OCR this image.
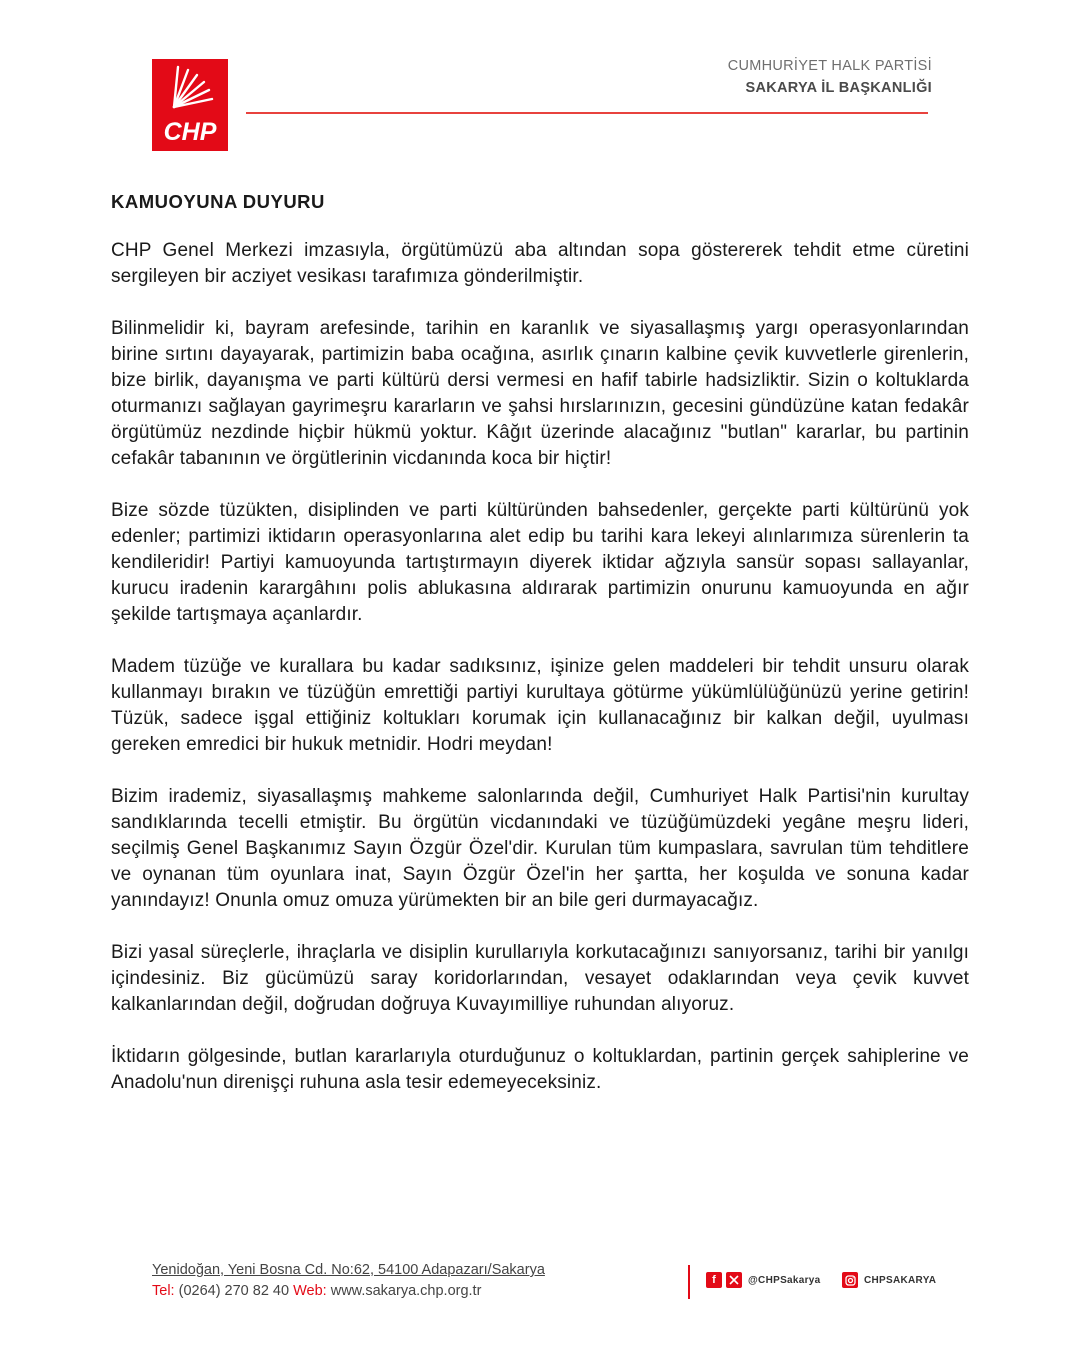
CHP
CUMHURİYET HALK PARTİSİ
SAKARYA İL BAŞKANLIĞI
KAMUOYUNA DUYURU

CHP Genel Merkezi imzasıyla, örgütümüzü aba altından sopa göstererek tehdit etme cüretini sergileyen bir acziyet vesikası tarafımıza gönderilmiştir.

Bilinmelidir ki, bayram arefesinde, tarihin en karanlık ve siyasallaşmış yargı operasyonlarından birine sırtını dayayarak, partimizin baba ocağına, asırlık çınarın kalbine çevik kuvvetlerle girenlerin, bize birlik, dayanışma ve parti kültürü dersi vermesi en hafif tabirle hadsizliktir. Sizin o koltuklarda oturmanızı sağlayan gayrimeşru kararların ve şahsi hırslarınızın, gecesini gündüzüne katan fedakâr örgütümüz nezdinde hiçbir hükmü yoktur. Kâğıt üzerinde alacağınız "butlan" kararlar, bu partinin cefakâr tabanının ve örgütlerinin vicdanında koca bir hiçtir!

Bize sözde tüzükten, disiplinden ve parti kültüründen bahsedenler, gerçekte parti kültürünü yok edenler; partimizi iktidarın operasyonlarına alet edip bu tarihi kara lekeyi alınlarımıza sürenlerin ta kendileridir! Partiyi kamuoyunda tartıştırmayın diyerek iktidar ağzıyla sansür sopası sallayanlar, kurucu iradenin karargâhını polis ablukasına aldırarak partimizin onurunu kamuoyunda en ağır şekilde tartışmaya açanlardır.

Madem tüzüğe ve kurallara bu kadar sadıksınız, işinize gelen maddeleri bir tehdit unsuru olarak kullanmayı bırakın ve tüzüğün emrettiği partiyi kurultaya götürme yükümlülüğünüzü yerine getirin! Tüzük, sadece işgal ettiğiniz koltukları korumak için kullanacağınız bir kalkan değil, uyulması gereken emredici bir hukuk metnidir. Hodri meydan!

Bizim irademiz, siyasallaşmış mahkeme salonlarında değil, Cumhuriyet Halk Partisi'nin kurultay sandıklarında tecelli etmiştir. Bu örgütün vicdanındaki ve tüzüğümüzdeki yegâne meşru lideri, seçilmiş Genel Başkanımız Sayın Özgür Özel'dir. Kurulan tüm kumpaslara, savrulan tüm tehditlere ve oynanan tüm oyunlara inat, Sayın Özgür Özel'in her şartta, her koşulda ve sonuna kadar yanındayız! Onunla omuz omuza yürümekten bir an bile geri durmayacağız.

Bizi yasal süreçlerle, ihraçlarla ve disiplin kurullarıyla korkutacağınızı sanıyorsanız, tarihi bir yanılgı içindesiniz. Biz gücümüzü saray koridorlarından, vesayet odaklarından veya çevik kuvvet kalkanlarından değil, doğrudan doğruya Kuvayımilliye ruhundan alıyoruz.

İktidarın gölgesinde, butlan kararlarıyla oturduğunuz o koltuklardan, partinin gerçek sahiplerine ve Anadolu'nun direnişçi ruhuna asla tesir edemeyeceksiniz.

Yenidoğan, Yeni Bosna Cd. No:62, 54100 Adapazarı/Sakarya
Tel: (0264) 270 82 40 Web: www.sakarya.chp.org.tr
f	@CHPSakarya	CHPSAKARYA
